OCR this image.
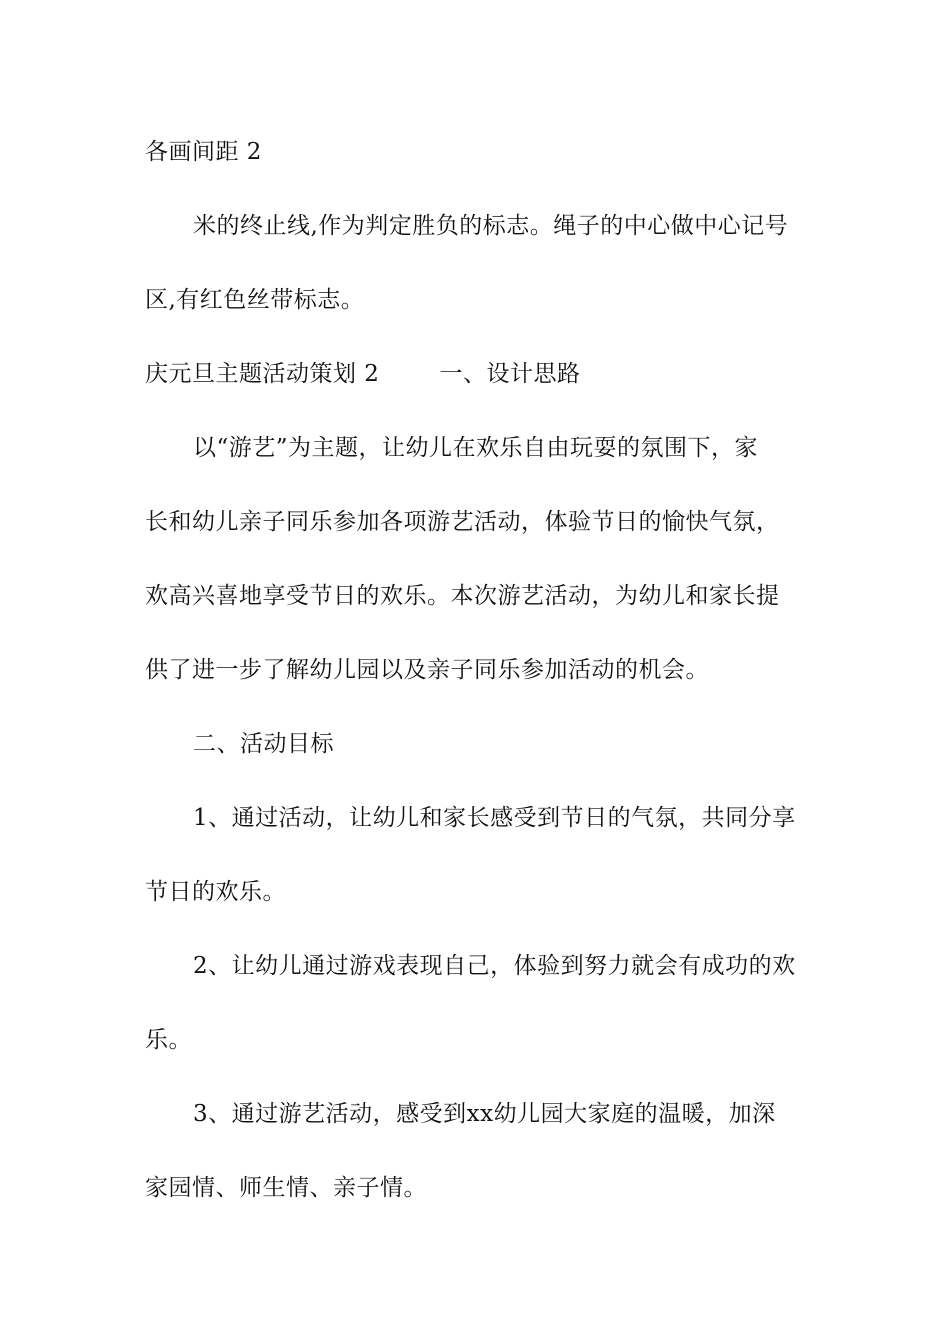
各画间距 2
米的终止线,作为判定胜负的标志。绳子的中心做中心记号
区,有红色丝带标志。
庆元旦主题活动策划 2	一、设计思路
以“游艺”为主题，让幼儿在欢乐自由玩耍的氛围下，家
长和幼儿亲子同乐参加各项游艺活动，体验节日的愉快气氛，
欢高兴喜地享受节日的欢乐。本次游艺活动，为幼儿和家长提
供了进一步了解幼儿园以及亲子同乐参加活动的机会。
二、活动目标
1、通过活动，让幼儿和家长感受到节日的气氛，共同分享
节日的欢乐。
2、让幼儿通过游戏表现自己，体验到努力就会有成功的欢
乐。
3、通过游艺活动，感受到xx幼儿园大家庭的温暖，加深
家园情、师生情、亲子情。
